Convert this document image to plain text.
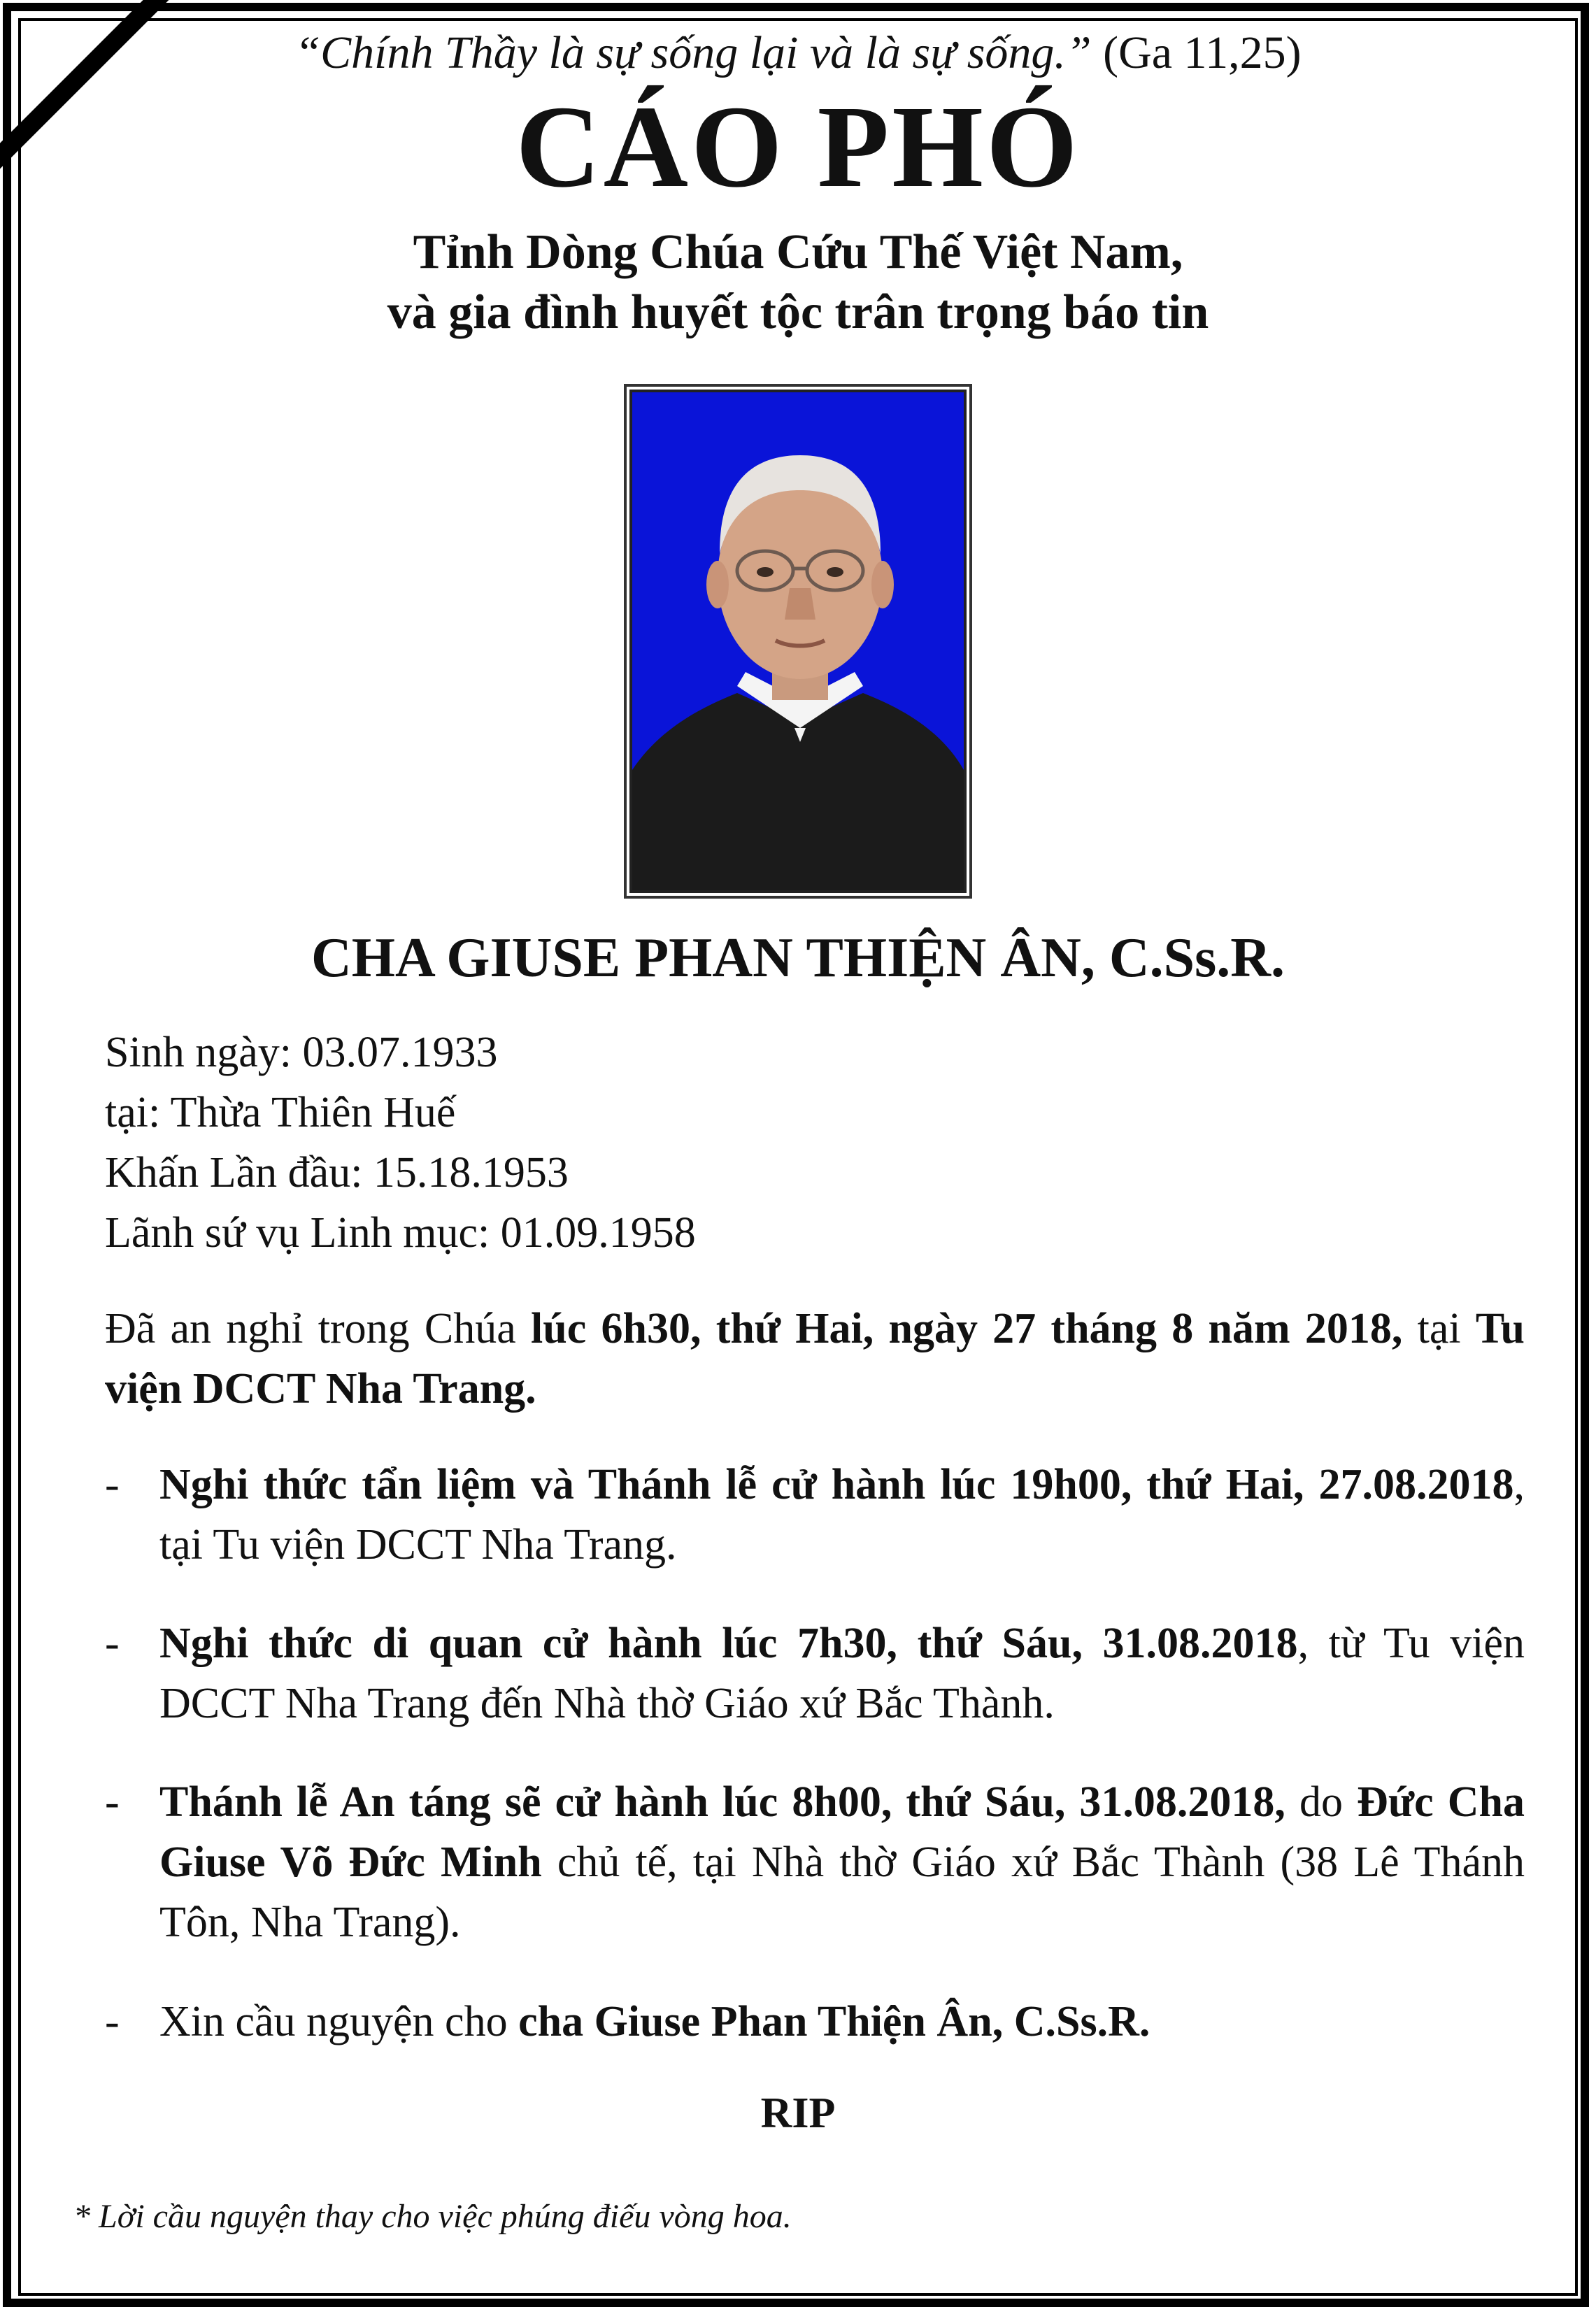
“Chính Thầy là sự sống lại và là sự sống.” (Ga 11,25)
CÁO PHÓ
Tỉnh Dòng Chúa Cứu Thế Việt Nam,
và gia đình huyết tộc trân trọng báo tin
CHA GIUSE PHAN THIỆN ÂN, C.Ss.R.
Sinh ngày: 03.07.1933
tại: Thừa Thiên Huế
Khấn Lần đầu: 15.18.1953
Lãnh sứ vụ Linh mục: 01.09.1958
Đã an nghỉ trong Chúa lúc 6h30, thứ Hai, ngày 27 tháng 8 năm 2018, tại Tu viện DCCT Nha Trang.
- Nghi thức tẩn liệm và Thánh lễ cử hành lúc 19h00, thứ Hai, 27.08.2018, tại Tu viện DCCT Nha Trang.
- Nghi thức di quan cử hành lúc 7h30, thứ Sáu, 31.08.2018, từ Tu viện DCCT Nha Trang đến Nhà thờ Giáo xứ Bắc Thành.
- Thánh lễ An táng sẽ cử hành lúc 8h00, thứ Sáu, 31.08.2018, do Đức Cha Giuse Võ Đức Minh chủ tế, tại Nhà thờ Giáo xứ Bắc Thành (38 Lê Thánh Tôn, Nha Trang).
- Xin cầu nguyện cho cha Giuse Phan Thiện Ân, C.Ss.R.
RIP
* Lời cầu nguyện thay cho việc phúng điếu vòng hoa.
